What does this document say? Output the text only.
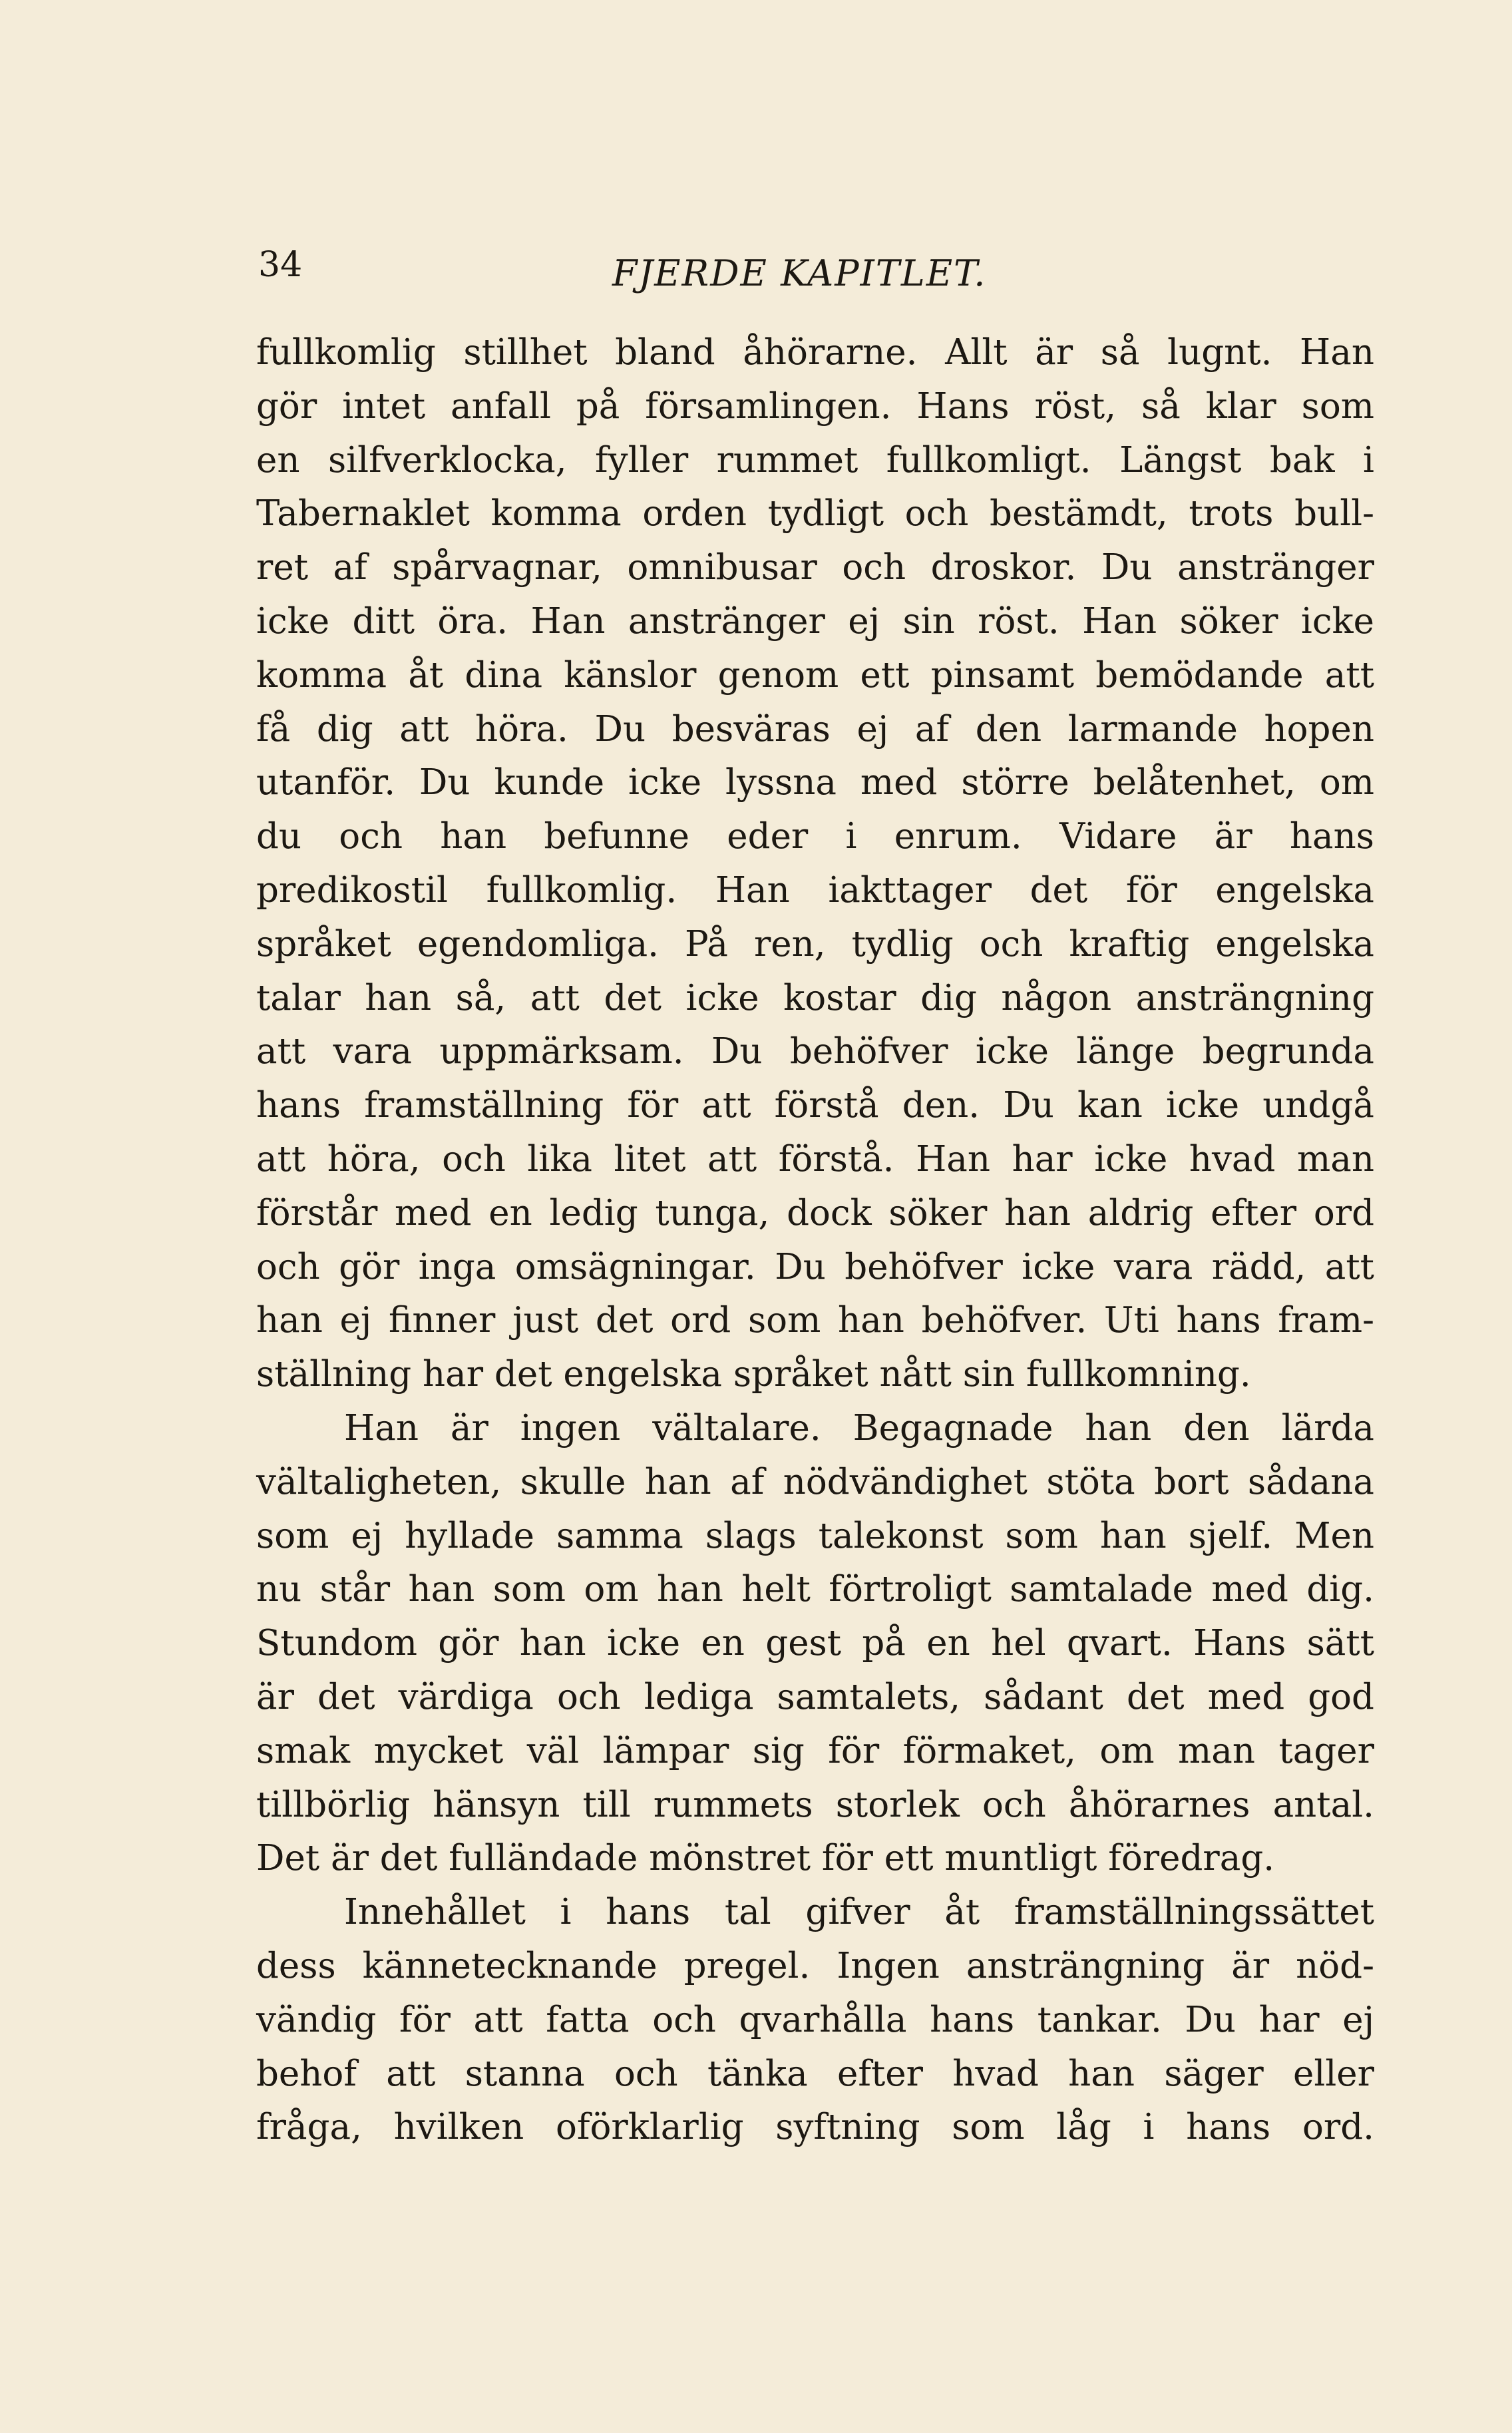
34	FJERDE KAPITLET.
fullkomlig stillhet bland åhörarne. Allt är så lugnt. Han
gör intet anfall på församlingen. Hans röst, så klar som
en silfverklocka, fyller rummet fullkomligt. Längst bak i
Tabernaklet komma orden tydligt och bestämdt, trots bull-
ret af spårvagnar, omnibusar och droskor. Du anstränger
icke ditt öra. Han anstränger ej sin röst. Han söker icke
komma åt dina känslor genom ett pinsamt bemödande att
få dig att höra. Du besväras ej af den larmande hopen
utanför. Du kunde icke lyssna med större belåtenhet, om
du och han befunne eder i enrum. Vidare är hans
predikostil fullkomlig. Han iakttager det för engelska
språket egendomliga. På ren, tydlig och kraftig engelska
talar han så, att det icke kostar dig någon ansträngning
att vara uppmärksam. Du behöfver icke länge begrunda
hans framställning för att förstå den. Du kan icke undgå
att höra, och lika litet att förstå. Han har icke hvad man
förstår med en ledig tunga, dock söker han aldrig efter ord
och gör inga omsägningar. Du behöfver icke vara rädd, att
han ej finner just det ord som han behöfver. Uti hans fram-
ställning har det engelska språket nått sin fullkomning.
Han är ingen vältalare. Begagnade han den lärda
vältaligheten, skulle han af nödvändighet stöta bort sådana
som ej hyllade samma slags talekonst som han sjelf. Men
nu står han som om han helt förtroligt samtalade med dig.
Stundom gör han icke en gest på en hel qvart. Hans sätt
är det värdiga och lediga samtalets, sådant det med god
smak mycket väl lämpar sig för förmaket, om man tager
tillbörlig hänsyn till rummets storlek och åhörarnes antal.
Det är det fulländade mönstret för ett muntligt föredrag.
Innehållet i hans tal gifver åt framställningssättet
dess kännetecknande pregel. Ingen ansträngning är nöd-
vändig för att fatta och qvarhålla hans tankar. Du har ej
behof att stanna och tänka efter hvad han säger eller
fråga, hvilken oförklarlig syftning som låg i hans ord.
